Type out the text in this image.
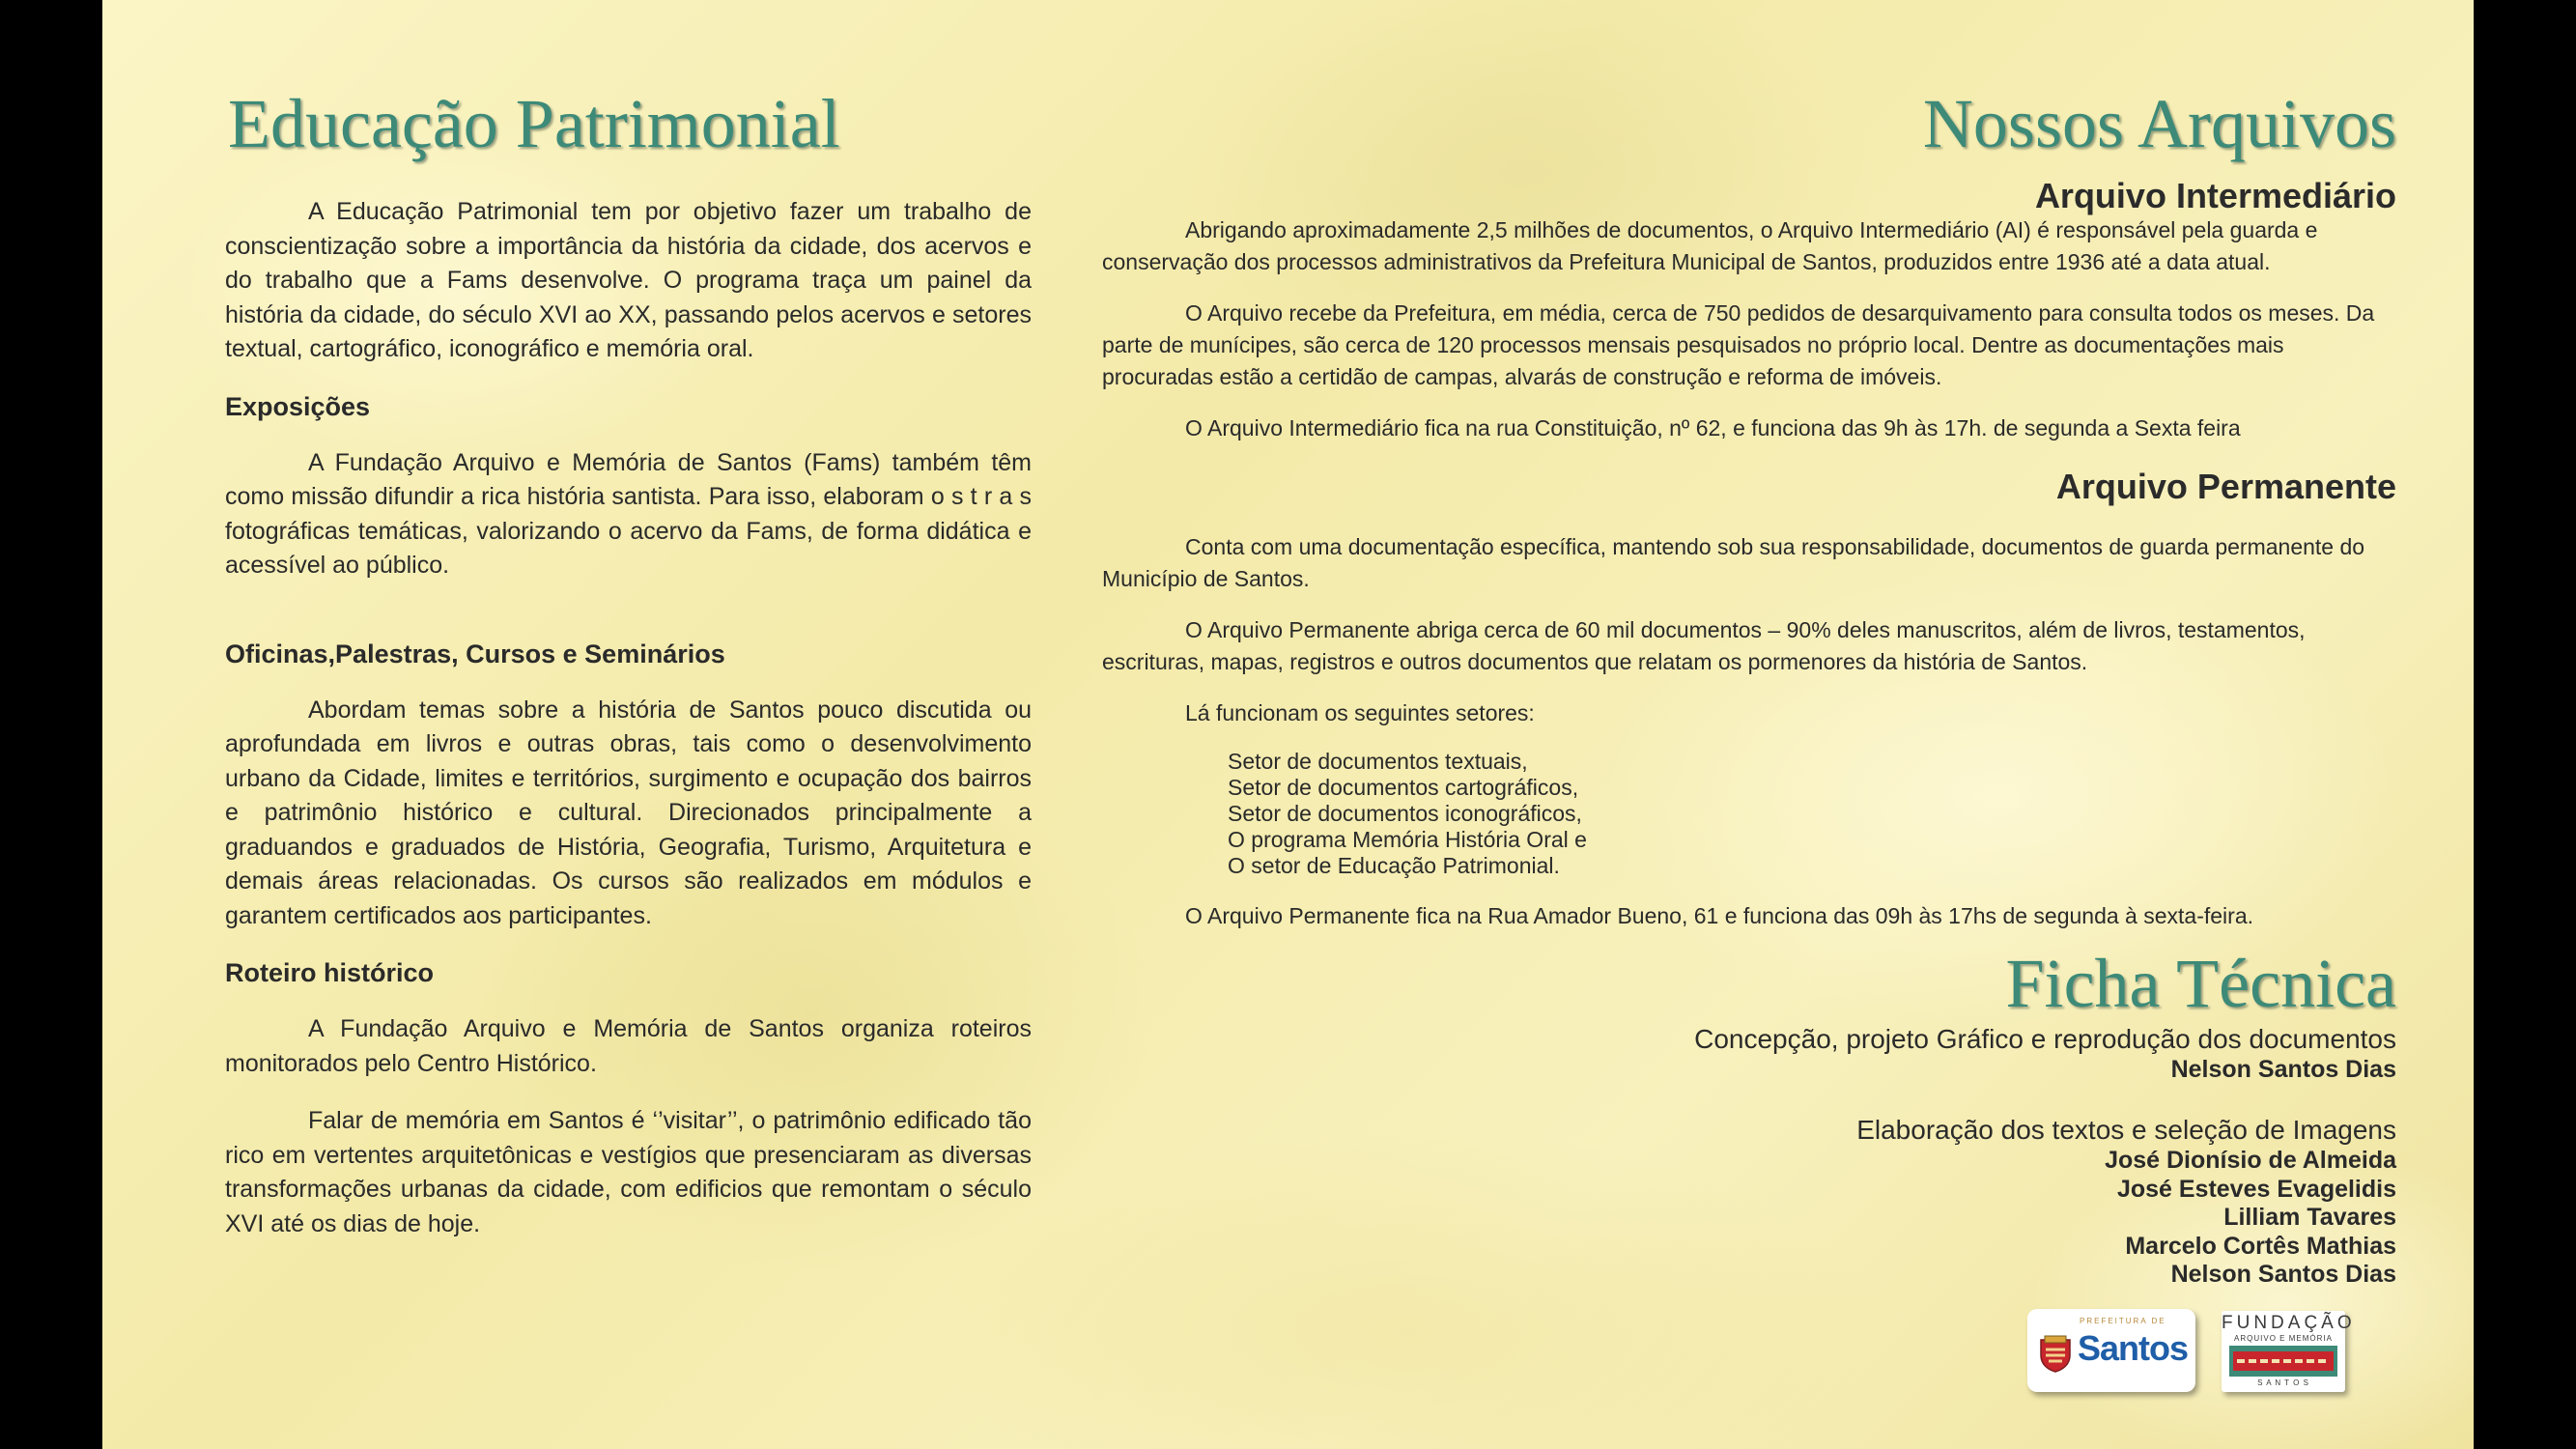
Educação Patrimonial

A Educação Patrimonial tem por objetivo fazer um trabalho de conscientização sobre a importância da história da cidade, dos acervos e do trabalho que a Fams desenvolve. O programa traça um painel da história da cidade, do século XVI ao XX, passando pelos acervos e setores textual, cartográfico, iconográfico e memória oral.

Exposições

A Fundação Arquivo e Memória de Santos (Fams) também têm como missão difundir a rica história santista. Para isso, elaboram o s t r a s fotográficas temáticas, valorizando o acervo da Fams, de forma didática e acessível ao público.

Oficinas,Palestras, Cursos e Seminários

Abordam temas sobre a história de Santos pouco discutida ou aprofundada em livros e outras obras, tais como o desenvolvimento urbano da Cidade, limites e territórios, surgimento e ocupação dos bairros e patrimônio histórico e cultural. Direcionados principalmente a graduandos e graduados de História, Geografia, Turismo, Arquitetura e demais áreas relacionadas. Os cursos são realizados em módulos e garantem certificados aos participantes.

Roteiro histórico

A Fundação Arquivo e Memória de Santos organiza roteiros monitorados pelo Centro Histórico.

Falar de memória em Santos é ‘’visitar’’, o patrimônio edificado tão rico em vertentes arquitetônicas e vestígios que presenciaram as diversas transformações urbanas da cidade, com edificios que remontam o século XVI até os dias de hoje.

Nossos Arquivos
Arquivo Intermediário

Abrigando aproximadamente 2,5 milhões de documentos, o Arquivo Intermediário (AI) é responsável pela guarda e conservação dos processos administrativos da Prefeitura Municipal de Santos, produzidos entre 1936 até a data atual.

O Arquivo recebe da Prefeitura, em média, cerca de 750 pedidos de desarquivamento para consulta todos os meses. Da parte de munícipes, são cerca de 120 processos mensais pesquisados no próprio local. Dentre as documentações mais procuradas estão a certidão de campas, alvarás de construção e reforma de imóveis.

O Arquivo Intermediário fica na rua Constituição, nº 62, e funciona das 9h às 17h. de segunda a Sexta feira

Arquivo Permanente

Conta com uma documentação específica, mantendo sob sua responsabilidade, documentos de guarda permanente do Município de Santos.

O Arquivo Permanente abriga cerca de 60 mil documentos – 90% deles manuscritos, além de livros, testamentos, escrituras, mapas, registros e outros documentos que relatam os pormenores da história de Santos.

Lá funcionam os seguintes setores:

Setor de documentos textuais,
Setor de documentos cartográficos,
Setor de documentos iconográficos,
O programa Memória História Oral e
O setor de Educação Patrimonial.

O Arquivo Permanente fica na Rua Amador Bueno, 61 e funciona das 09h às 17hs de segunda à sexta-feira.

Ficha Técnica
Concepção, projeto Gráfico e reprodução dos documentos
Nelson Santos Dias
Elaboração dos textos e seleção de Imagens
José Dionísio de Almeida
José Esteves Evagelidis
Lilliam Tavares
Marcelo Cortês Mathias
Nelson Santos Dias
PREFEITURA DE
Santos
FUNDAÇÃO
ARQUIVO E MEMÓRIA
S A N T O S
